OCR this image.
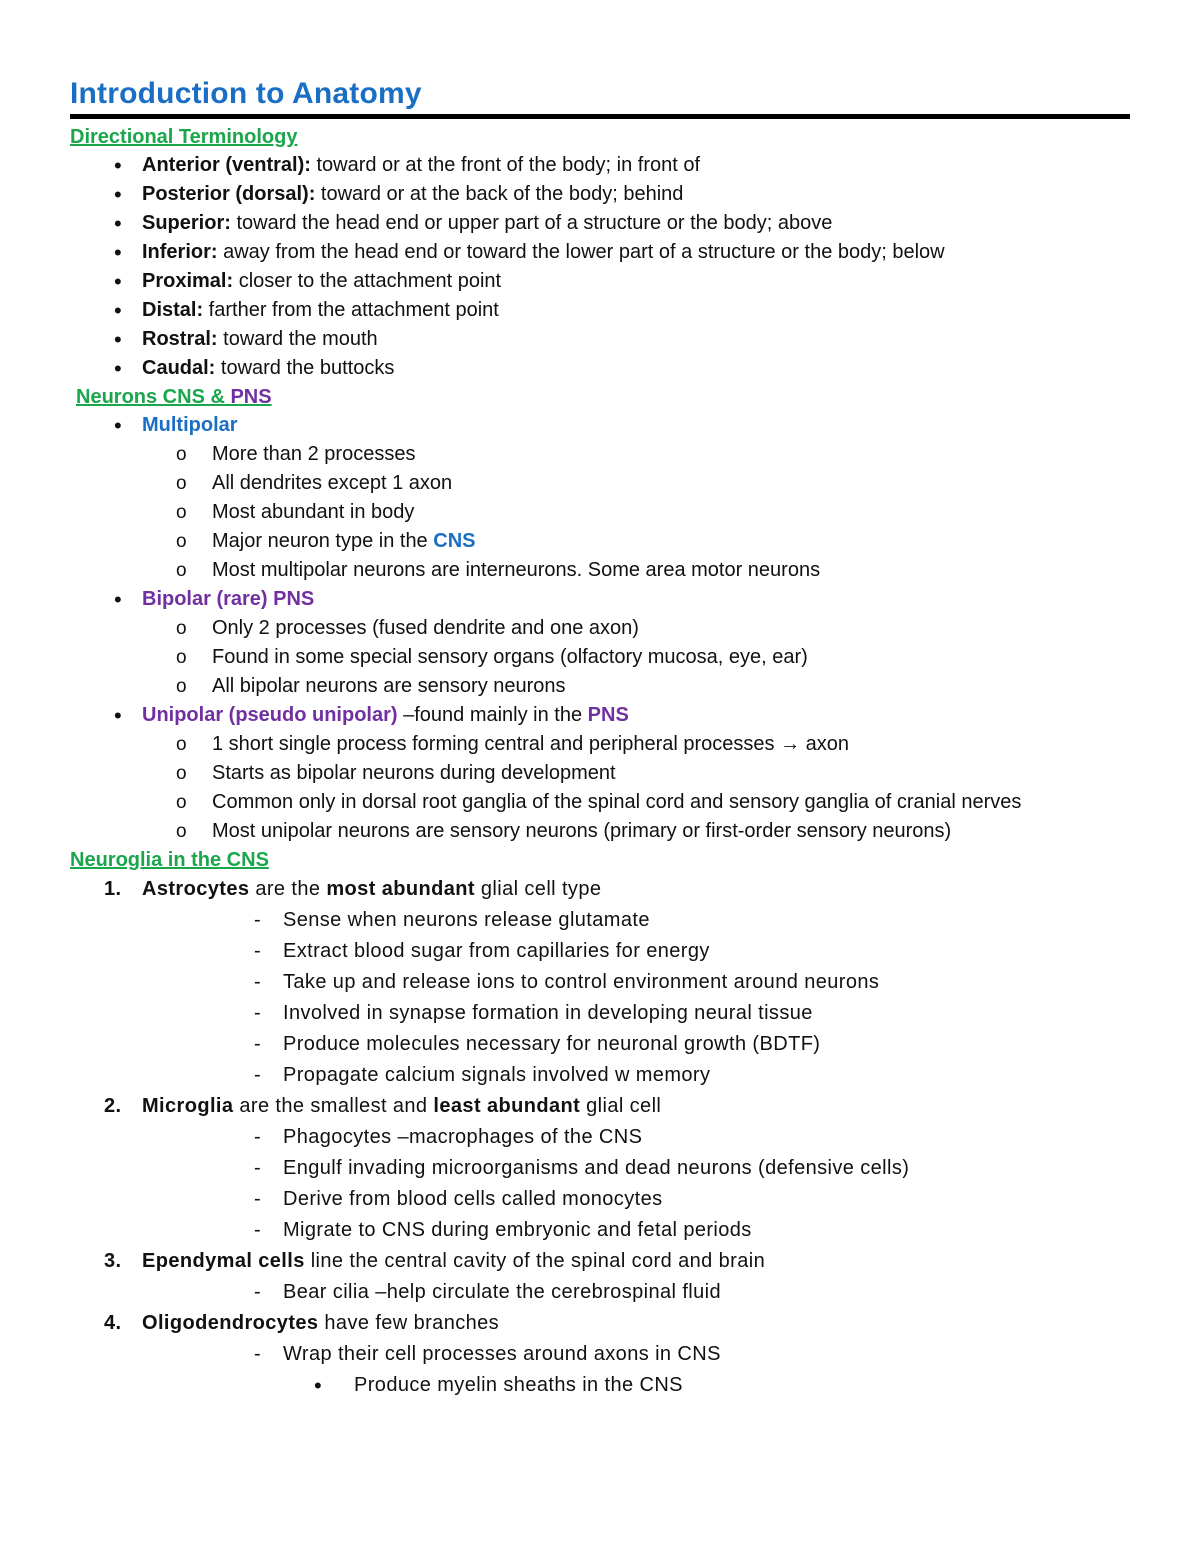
Introduction to Anatomy
Directional Terminology
• Anterior (ventral): toward or at the front of the body; in front of
• Posterior (dorsal): toward or at the back of the body; behind
• Superior: toward the head end or upper part of a structure or the body; above
• Inferior: away from the head end or toward the lower part of a structure or the body; below
• Proximal: closer to the attachment point
• Distal: farther from the attachment point
• Rostral: toward the mouth
• Caudal: toward the buttocks
Neurons CNS & PNS
• Multipolar
o More than 2 processes
o All dendrites except 1 axon
o Most abundant in body
o Major neuron type in the CNS
o Most multipolar neurons are interneurons. Some area motor neurons
• Bipolar (rare) PNS
o Only 2 processes (fused dendrite and one axon)
o Found in some special sensory organs (olfactory mucosa, eye, ear)
o All bipolar neurons are sensory neurons
• Unipolar (pseudo unipolar) –found mainly in the PNS
o 1 short single process forming central and peripheral processes → axon
o Starts as bipolar neurons during development
o Common only in dorsal root ganglia of the spinal cord and sensory ganglia of cranial nerves
o Most unipolar neurons are sensory neurons (primary or first-order sensory neurons)
Neuroglia in the CNS
1. Astrocytes are the most abundant glial cell type
- Sense when neurons release glutamate
- Extract blood sugar from capillaries for energy
- Take up and release ions to control environment around neurons
- Involved in synapse formation in developing neural tissue
- Produce molecules necessary for neuronal growth (BDTF)
- Propagate calcium signals involved w memory
2. Microglia are the smallest and least abundant glial cell
- Phagocytes –macrophages of the CNS
- Engulf invading microorganisms and dead neurons (defensive cells)
- Derive from blood cells called monocytes
- Migrate to CNS during embryonic and fetal periods
3. Ependymal cells line the central cavity of the spinal cord and brain
- Bear cilia –help circulate the cerebrospinal fluid
4. Oligodendrocytes have few branches
- Wrap their cell processes around axons in CNS
• Produce myelin sheaths in the CNS
